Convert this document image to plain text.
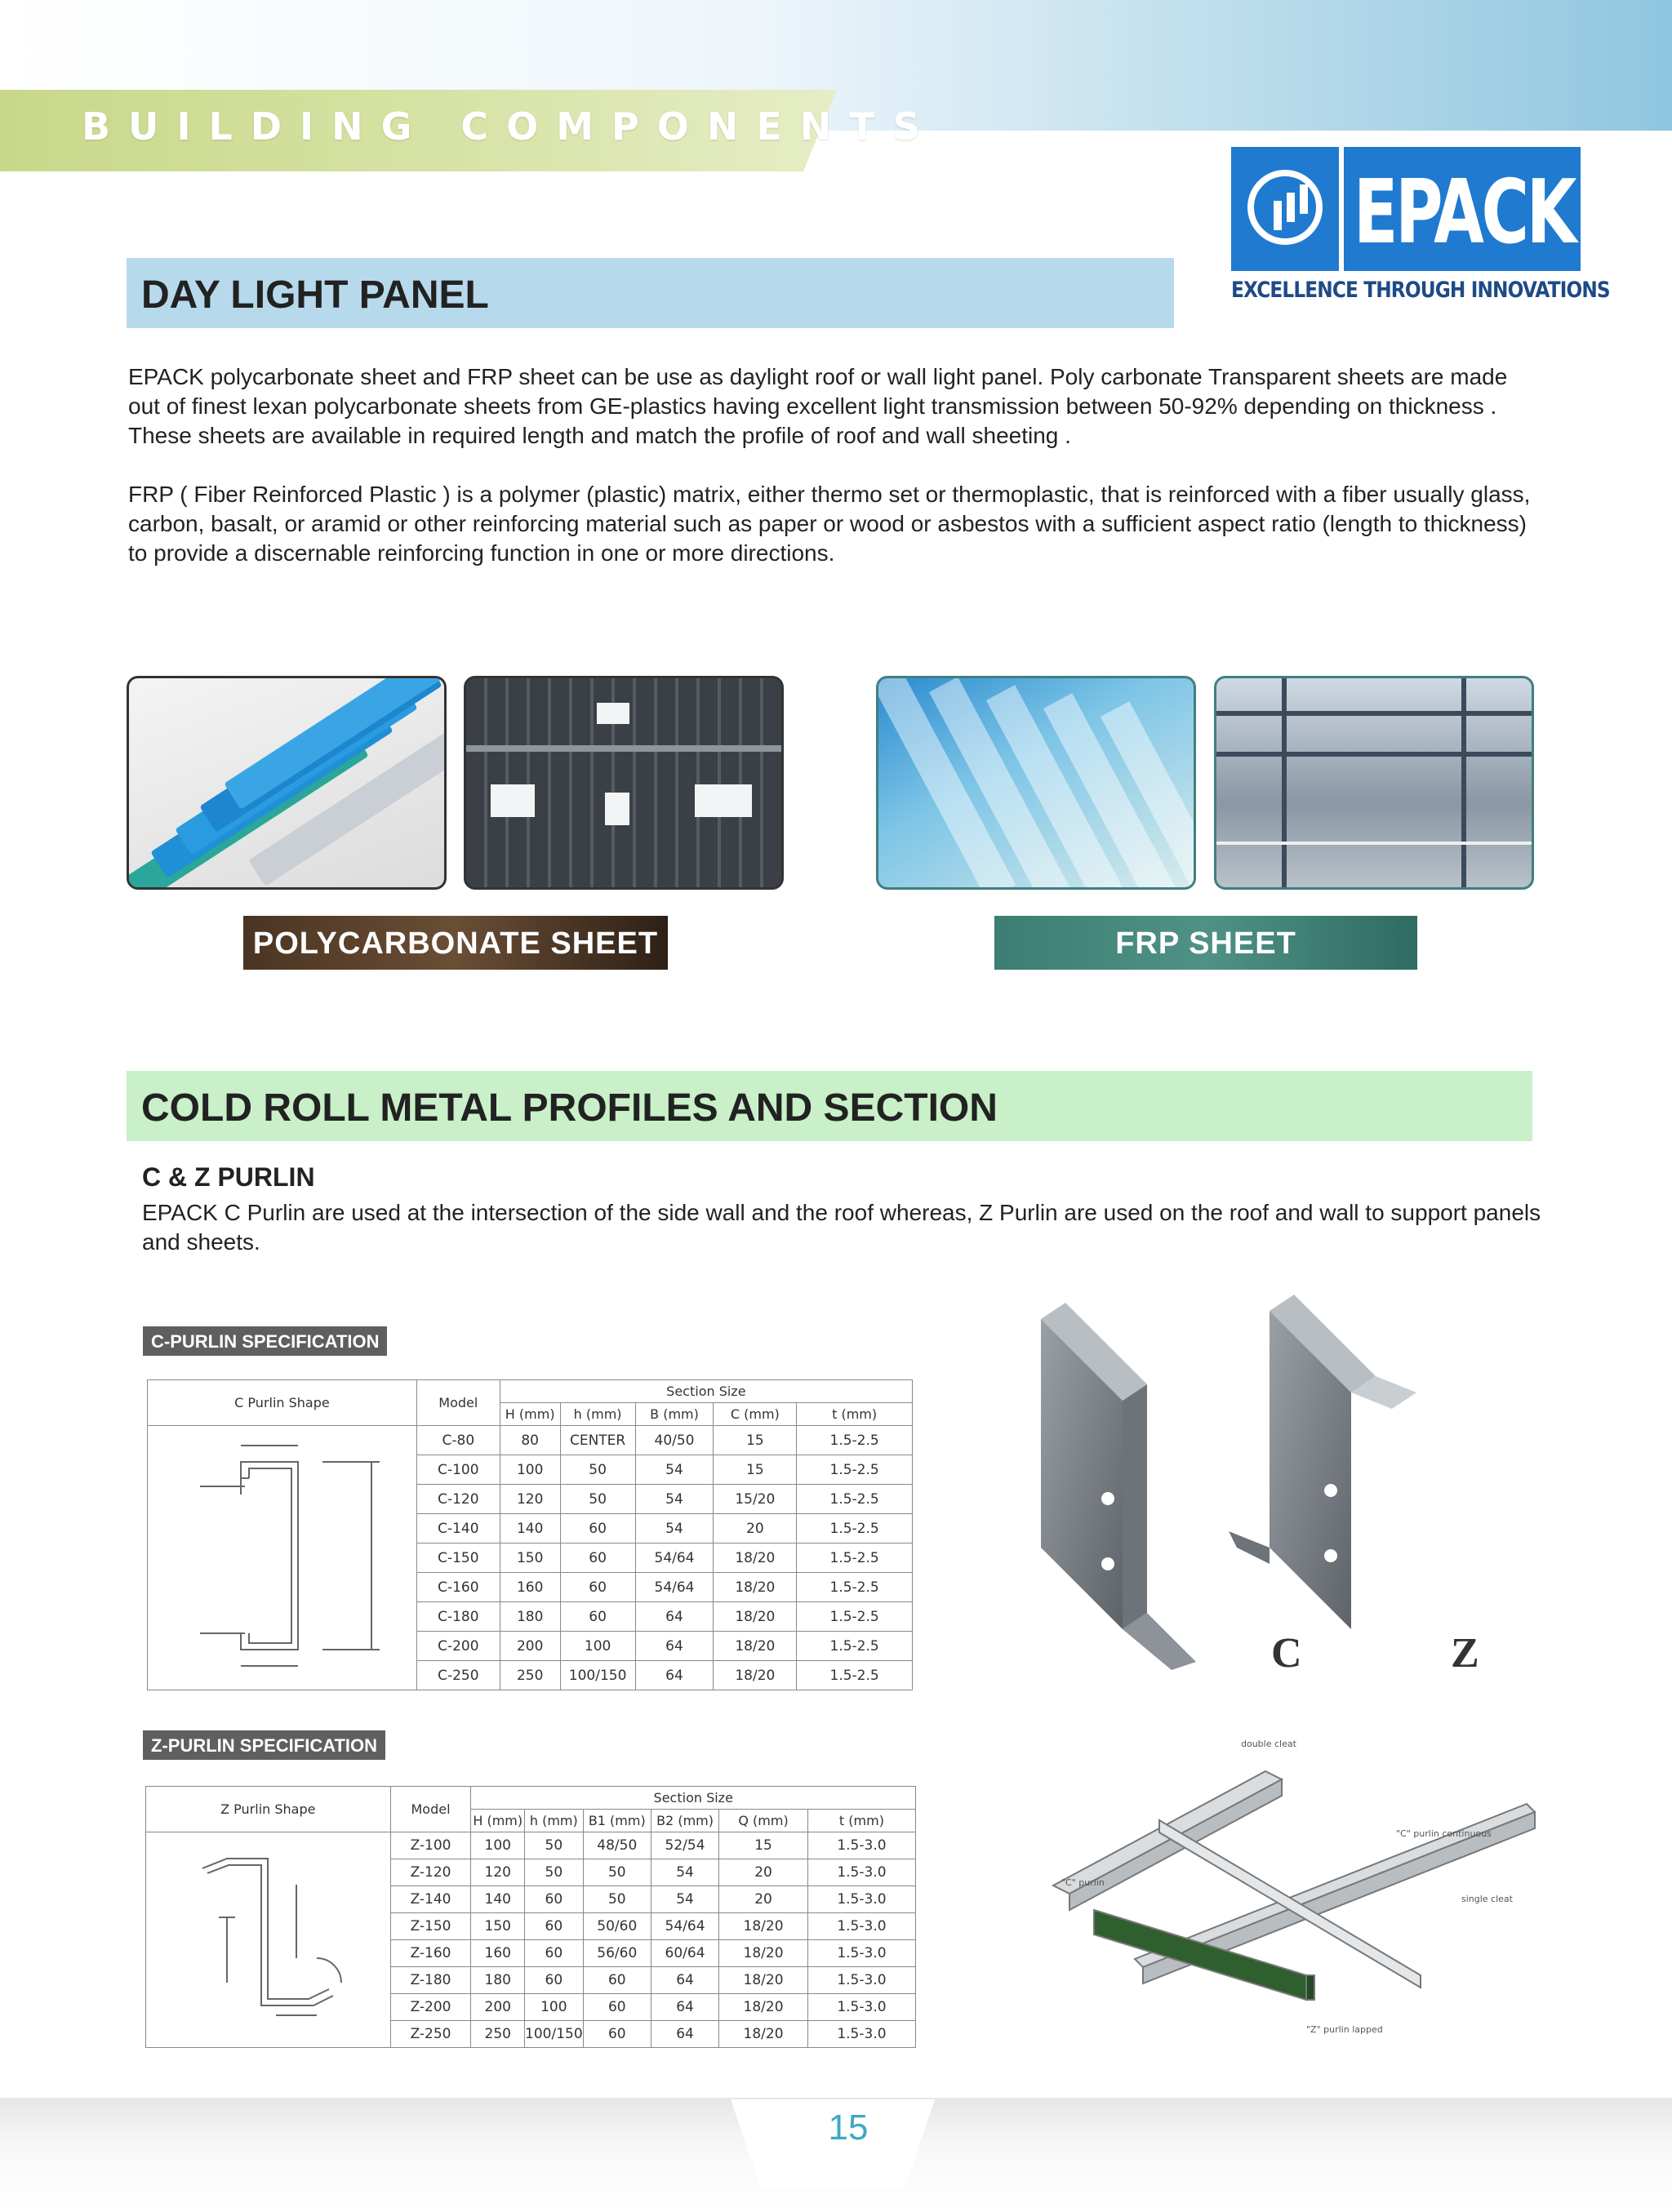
BUILDING COMPONENTS
EPACK
EXCELLENCE THROUGH INNOVATIONS
DAY LIGHT PANEL

EPACK polycarbonate sheet and FRP sheet can be use as daylight roof or wall light panel. Poly carbonate Transparent sheets are made out of finest lexan polycarbonate sheets from GE-plastics having excellent light transmission between 50-92% depending on thickness . These sheets are available in required length and match the profile of roof and wall sheeting .

FRP ( Fiber Reinforced Plastic ) is a polymer (plastic) matrix, either thermo set or thermoplastic, that is reinforced with a fiber usually glass, carbon, basalt, or aramid or other reinforcing material such as paper or wood or asbestos with a sufficient aspect ratio (length to thickness) to provide a discernable reinforcing function in one or more directions.

POLYCARBONATE SHEET	FRP SHEET
COLD ROLL METAL PROFILES AND SECTION
C & Z PURLIN

EPACK C Purlin are used at the intersection of the side wall and the roof whereas, Z Purlin are used on the roof and wall to support panels and sheets.

C-PURLIN SPECIFICATION
C Purlin Shape	Model	Section Size				
		H (mm)	h (mm)	B (mm)	C (mm)	t (mm)
	C-80	80	CENTER	40/50	15	1.5-2.5
	C-100	100	50	54	15	1.5-2.5
	C-120	120	50	54	15/20	1.5-2.5
	C-140	140	60	54	20	1.5-2.5
	C-150	150	60	54/64	18/20	1.5-2.5
	C-160	160	60	54/64	18/20	1.5-2.5
	C-180	180	60	64	18/20	1.5-2.5
	C-200	200	100	64	18/20	1.5-2.5
	C-250	250	100/150	64	18/20	1.5-2.5
Z-PURLIN SPECIFICATION
Z Purlin Shape	Model	Section Size					
		H (mm)	h (mm)	B1 (mm)	B2 (mm)	Q (mm)	t (mm)
	Z-100	100	50	48/50	52/54	15	1.5-3.0
	Z-120	120	50	50	54	20	1.5-3.0
	Z-140	140	60	50	54	20	1.5-3.0
	Z-150	150	60	50/60	54/64	18/20	1.5-3.0
	Z-160	160	60	56/60	60/64	18/20	1.5-3.0
	Z-180	180	60	60	64	18/20	1.5-3.0
	Z-200	200	100	60	64	18/20	1.5-3.0
	Z-250	250	100/150	60	64	18/20	1.5-3.0
C	Z
double cleat
"C" purlin continuous
"C" purlin
single cleat
"Z" purlin lapped
15
